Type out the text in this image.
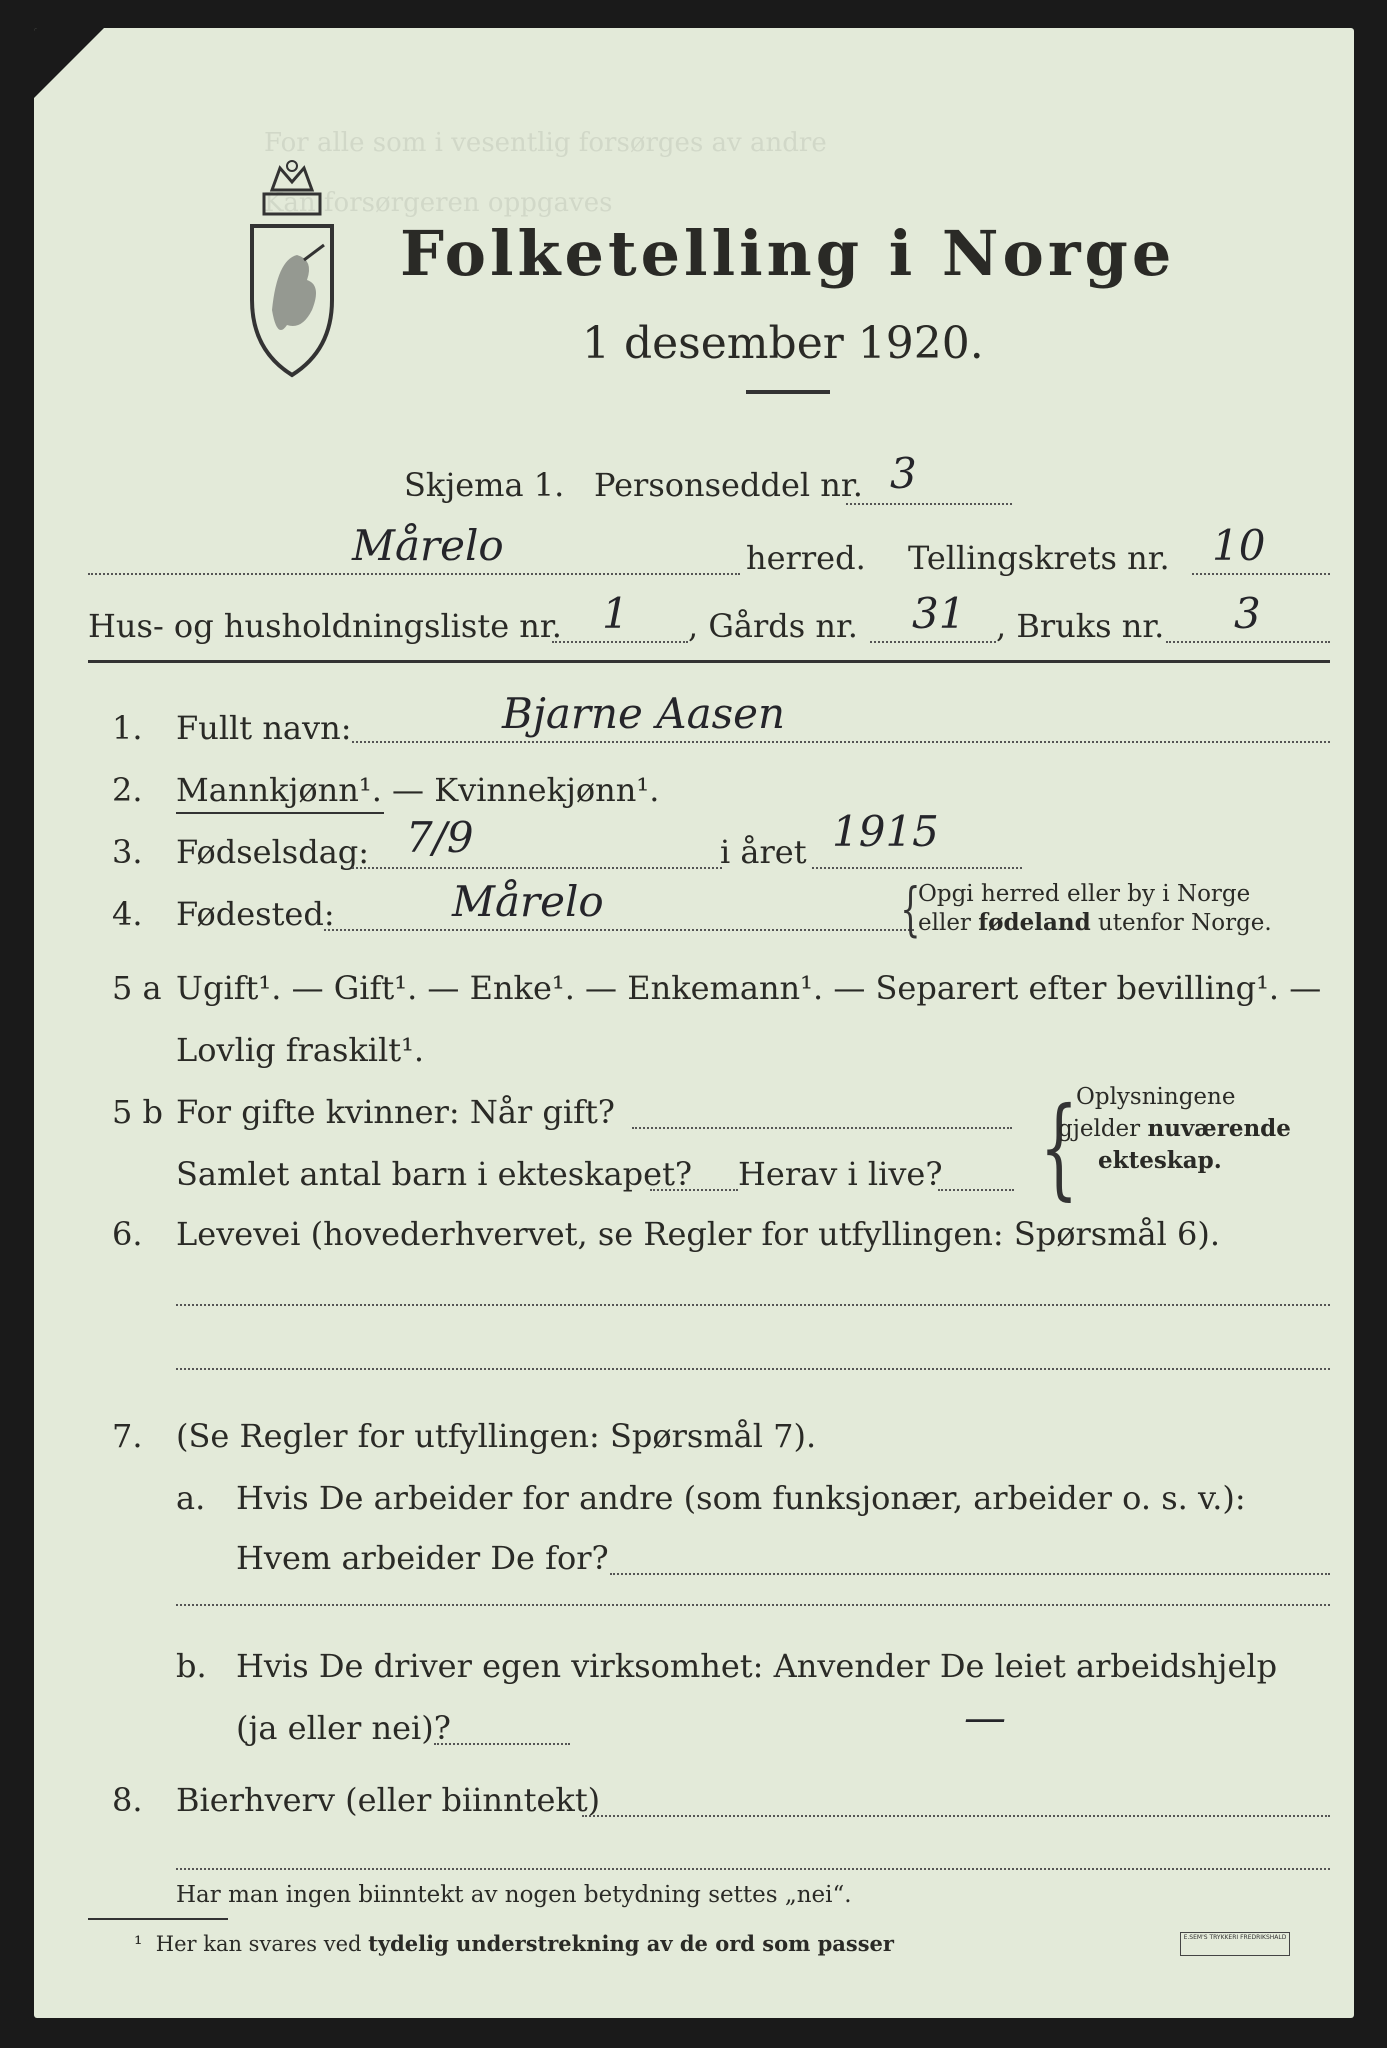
For alle som i vesentlig forsørges av andre
Kan forsørgeren oppgaves
Folketelling i Norge
1 desember 1920.
Skjema 1. Personseddel nr. 3
Mårelo	herred. Tellingskrets nr. 10
Hus- og husholdningsliste nr. 1 , Gårds nr. 31 , Bruks nr. 3
1. Fullt navn:	Bjarne Aasen
2. Mannkjønn¹. — Kvinnekjønn¹.
3. Fødselsdag: 7/9	i året 1915
4. Fødested:	Mårelo	{
Opgi herred eller by i Norge
eller fødeland utenfor Norge.
5 a Ugift¹. — Gift¹. — Enke¹. — Enkemann¹. — Separert efter bevilling¹. —
Lovlig fraskilt¹.
5 b For gifte kvinner: Når gift?
Samlet antal barn i ekteskapet? Herav i live? {
Oplysningene
gjelder nuværende
ekteskap.
6. Levevei (hovederhvervet, se Regler for utfyllingen: Spørsmål 6).
7. (Se Regler for utfyllingen: Spørsmål 7).
a. Hvis De arbeider for andre (som funksjonær, arbeider o. s. v.):
Hvem arbeider De for?
b. Hvis De driver egen virksomhet: Anvender De leiet arbeidshjelp
(ja eller nei)?	—
8. Bierhverv (eller biinntekt)
Har man ingen biinntekt av nogen betydning settes „nei“.
¹ Her kan svares ved tydelig understrekning av de ord som passer	E.SEM'S TRYKKERI FREDRIKSHALD
